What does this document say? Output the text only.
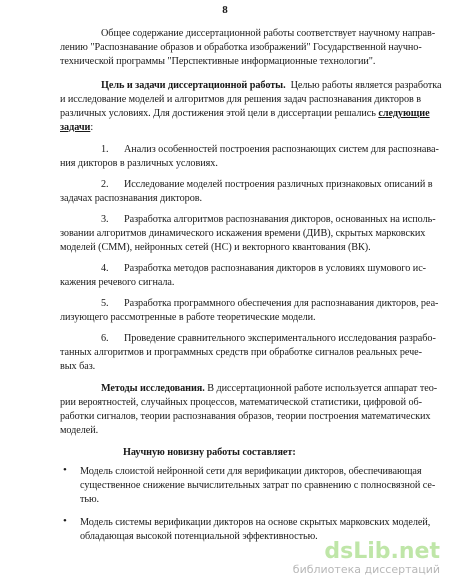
8
Общее содержание диссертационной работы соответствует научному направ-
лению "Распознавание образов и обработка изображений" Государственной научно-
технической программы "Перспективные информационные технологии".
Цель и задачи диссертационной работы. Целью работы является разработка
и исследование моделей и алгоритмов для решения задач распознавания дикторов в
различных условиях. Для достижения этой цели в диссертации решались следующие
задачи:
1. Анализ особенностей построения распознающих систем для распознава-
ния дикторов в различных условиях.
2. Исследование моделей построения различных признаковых описаний в
задачах распознавания дикторов.
3. Разработка алгоритмов распознавания дикторов, основанных на исполь-
зовании алгоритмов динамического искажения времени (ДИВ), скрытых марковских
моделей (СММ), нейронных сетей (НС) и векторного квантования (ВК).
4. Разработка методов распознавания дикторов в условиях шумового ис-
кажения речевого сигнала.
5. Разработка программного обеспечения для распознавания дикторов, реа-
лизующего рассмотренные в работе теоретические модели.
6. Проведение сравнительного экспериментального исследования разрабо-
танных алгоритмов и программных средств при обработке сигналов реальных рече-
вых баз.
Методы исследования. В диссертационной работе используется аппарат тео-
рии вероятностей, случайных процессов, математической статистики, цифровой об-
работки сигналов, теории распознавания образов, теории построения математических
моделей.
Научную новизну работы составляет:
• Модель слоистой нейронной сети для верификации дикторов, обеспечивающая
существенное снижение вычислительных затрат по сравнению с полносвязной се-
тью.
• Модель системы верификации дикторов на основе скрытых марковских моделей,
обладающая высокой потенциальной эффективностью.
dsLib.net
библиотека диссертаций
